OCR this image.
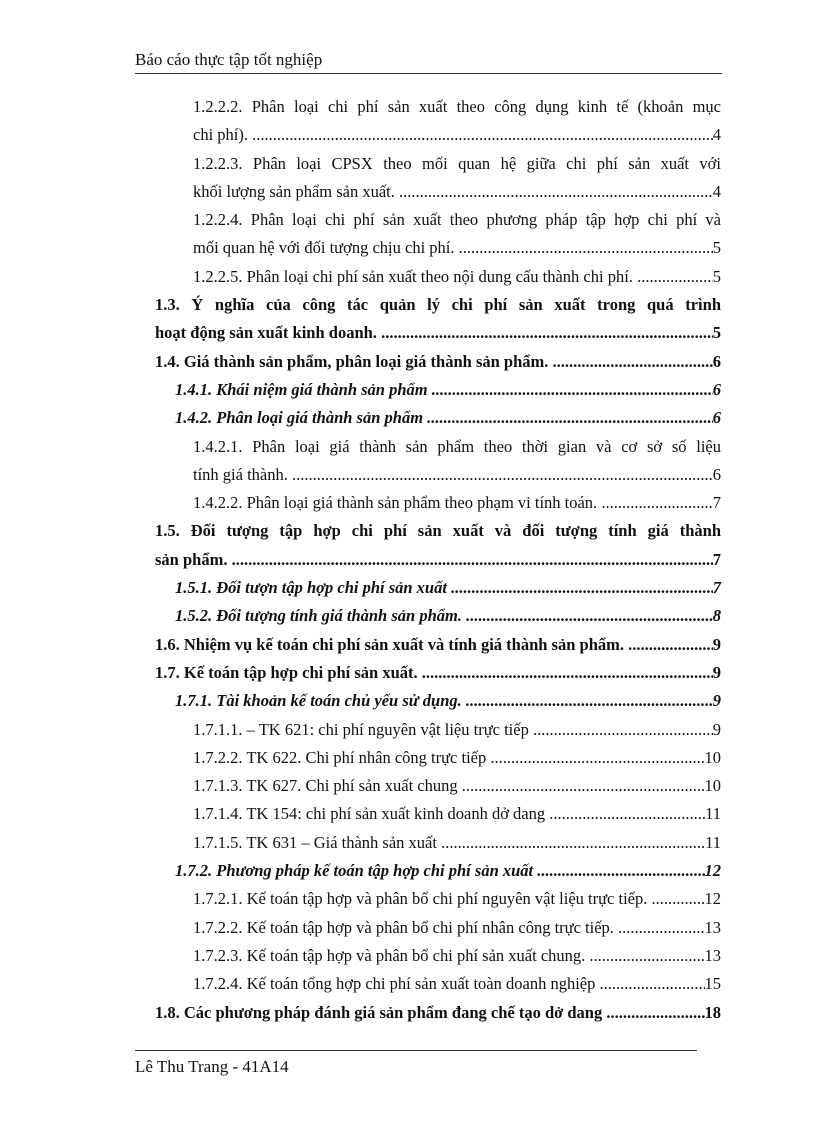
Báo cáo thực tập tốt nghiệp
1.2.2.2. Phân loại chi phí sản xuất theo công dụng kinh tế (khoản mục
4
chi phí). .....
1.2.2.3. Phân loại CPSX theo mối quan hệ giữa chi phí sản xuất với
4
khối lượng sản phẩm sản xuất. .....
1.2.2.4. Phân loại chi phí sản xuất theo phương pháp tập hợp chi phí và
5
mối quan hệ với đối tượng chịu chi phí. .....
5
1.2.2.5. Phân loại chi phí sản xuất theo nội dung cấu thành chi phí. .....
1.3. Ý nghĩa của công tác quản lý chi phí sản xuất trong quá trình
5
hoạt động sản xuất kinh doanh. .....
6
1.4. Giá thành sản phẩm, phân loại giá thành sản phẩm. .....
6
1.4.1. Khái niệm giá thành sản phẩm .....
6
1.4.2. Phân loại giá thành sản phẩm .....
1.4.2.1. Phân loại giá thành sản phẩm theo thời gian và cơ sở số liệu
6
tính giá thành. .....
7
1.4.2.2. Phân loại giá thành sản phẩm theo phạm vi tính toán. .....
1.5. Đối tượng tập hợp chi phí sản xuất và đối tượng tính giá thành
7
sản phẩm. .....
7
1.5.1. Đối tượn tập hợp chi phí sản xuất .....
8
1.5.2. Đối tượng tính giá thành sản phẩm. .....
9
1.6. Nhiệm vụ kế toán chi phí sản xuất và tính giá thành sản phẩm. .....
9
1.7. Kế toán tập hợp chi phí sản xuất. .....
9
1.7.1. Tài khoản kế toán chủ yếu sử dụng. .....
9
1.7.1.1. – TK 621: chi phí nguyên vật liệu trực tiếp .....
10
1.7.2.2. TK 622. Chi phí nhân công trực tiếp .....
10
1.7.1.3. TK 627. Chi phí sản xuất chung .....
11
1.7.1.4. TK 154: chi phí sản xuất kinh doanh dở dang .....
11
1.7.1.5. TK 631 – Giá thành sản xuất .....
12
1.7.2. Phương pháp kế toán tập hợp chi phí sản xuất .....
12
1.7.2.1. Kế toán tập hợp và phân bổ chi phí nguyên vật liệu trực tiếp. .....
13
1.7.2.2. Kế toán tập hợp và phân bổ chi phí nhân công trực tiếp. .....
13
1.7.2.3. Kế toán tập hợp và phân bổ chi phí sản xuất chung. .....
15
1.7.2.4. Kế toán tổng hợp chi phí sản xuất toàn doanh nghiệp .....
18
1.8. Các phương pháp đánh giá sản phẩm đang chế tạo dở dang .....
Lê Thu Trang - 41A14
